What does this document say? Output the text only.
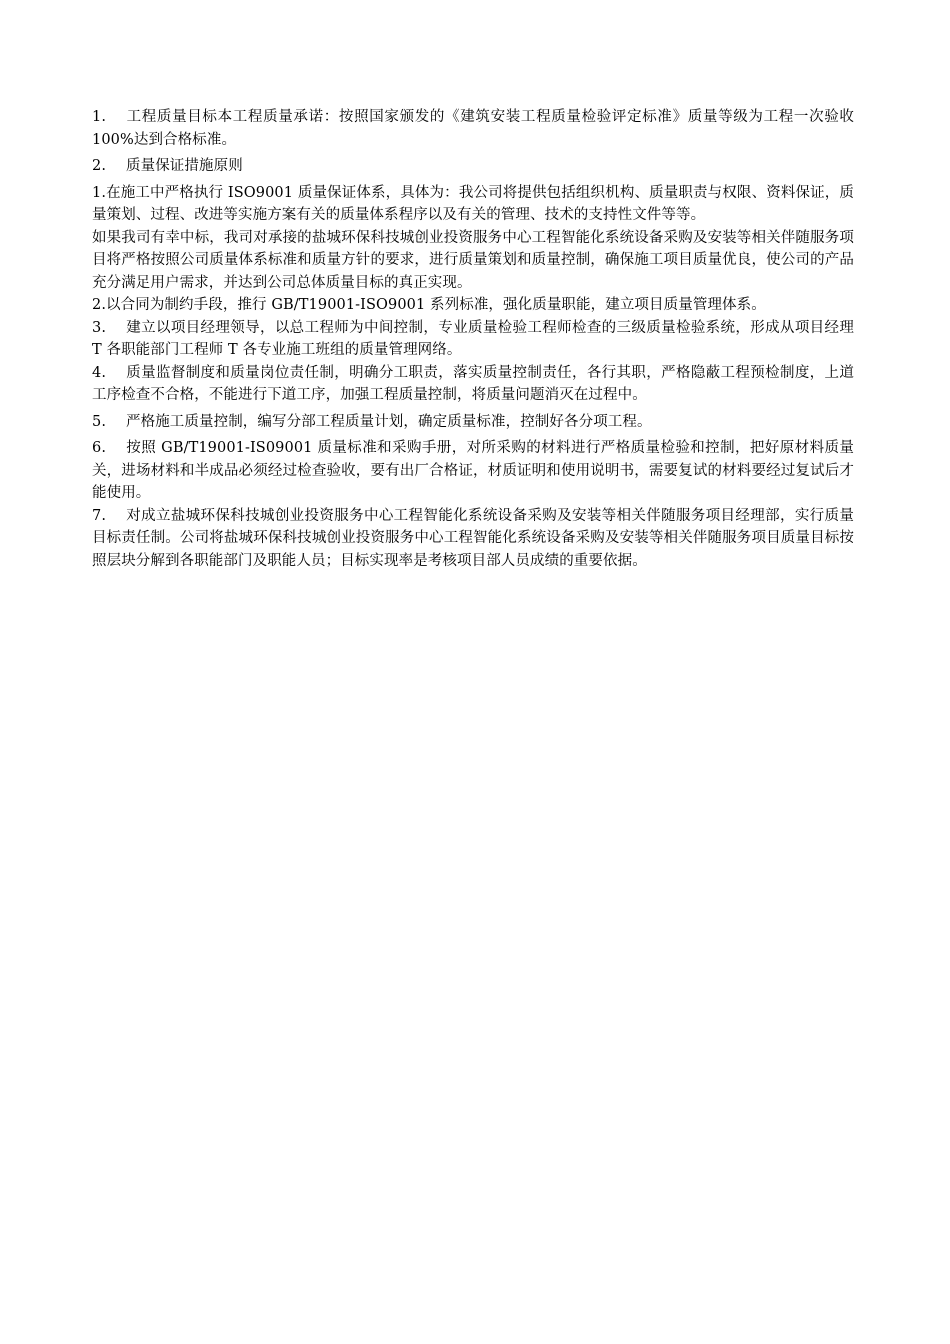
1. 工程质量目标本工程质量承诺：按照国家颁发的《建筑安装工程质量检验评定标准》质量等级为工程一次验收 100%达到合格标准。

2. 质量保证措施原则

1.在施工中严格执行 ISO9001 质量保证体系，具体为：我公司将提供包括组织机构、质量职责与权限、资料保证，质量策划、过程、改进等实施方案有关的质量体系程序以及有关的管理、技术的支持性文件等等。

如果我司有幸中标，我司对承接的盐城环保科技城创业投资服务中心工程智能化系统设备采购及安装等相关伴随服务项目将严格按照公司质量体系标准和质量方针的要求，进行质量策划和质量控制，确保施工项目质量优良，使公司的产品充分满足用户需求，并达到公司总体质量目标的真正实现。

2.以合同为制约手段，推行 GB/T19001-ISO9001 系列标准，强化质量职能，建立项目质量管理体系。

3. 建立以项目经理领导，以总工程师为中间控制，专业质量检验工程师检查的三级质量检验系统，形成从项目经理 T 各职能部门工程师 T 各专业施工班组的质量管理网络。

4. 质量监督制度和质量岗位责任制，明确分工职责，落实质量控制责任，各行其职，严格隐蔽工程预检制度，上道工序检查不合格，不能进行下道工序，加强工程质量控制，将质量问题消灭在过程中。

5. 严格施工质量控制，编写分部工程质量计划，确定质量标准，控制好各分项工程。

6. 按照 GB/T19001-IS09001 质量标准和采购手册，对所采购的材料进行严格质量检验和控制，把好原材料质量关，进场材料和半成品必须经过检查验收，要有出厂合格证，材质证明和使用说明书，需要复试的材料要经过复试后才能使用。

7. 对成立盐城环保科技城创业投资服务中心工程智能化系统设备采购及安装等相关伴随服务项目经理部，实行质量目标责任制。公司将盐城环保科技城创业投资服务中心工程智能化系统设备采购及安装等相关伴随服务项目质量目标按照层块分解到各职能部门及职能人员；目标实现率是考核项目部人员成绩的重要依据。
